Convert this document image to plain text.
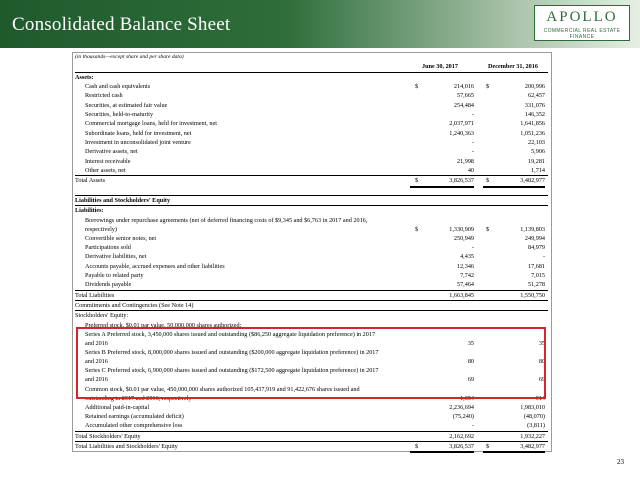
Consolidated Balance Sheet	APOLLO
COMMERCIAL REAL ESTATE FINANCE
(in thousands—except share and per share data)
June 30, 2017	December 31, 2016
Assets:
Cash and cash equivalents	$	214,016 $	200,996
Restricted cash	57,665	62,457
Securities, at estimated fair value	254,484	331,076
Securities, held-to-maturity	-	146,352
Commercial mortgage loans, held for investment, net	2,037,971	1,641,856
Subordinate loans, held for investment, net	1,240,363	1,051,236
Investment in unconsolidated joint venture	-	22,103
Derivative assets, net	-	5,906
Interest receivable	21,998	19,281
Other assets, net	40	1,714
Total Assets	$	3,826,537 $	3,482,977
Liabilities and Stockholders' Equity
Liabilities:
Borrowings under repurchase agreements (net of deferred financing costs of $9,345 and $6,763 in 2017 and 2016, respectively)	$	1,330,909 $	1,139,803
Convertible senior notes, net	250,949	249,994
Participations sold	-	84,979
Derivative liabilities, net	4,435	-
Accounts payable, accrued expenses and other liabilities	12,346	17,681
Payable to related party	7,742	7,015
Dividends payable	57,464	51,278
Total Liabilities	1,663,845	1,550,750
Commitments and Contingencies (See Note 14)
Stockholders' Equity:
Preferred stock, $0.01 par value, 50,000,000 shares authorized:
Series A Preferred stock, 3,450,000 shares issued and outstanding ($86,250 aggregate liquidation preference) in 2017 and 2016	35	35
Series B Preferred stock, 8,000,000 shares issued and outstanding ($200,000 aggregate liquidation preference) in 2017 and 2016	80	80
Series C Preferred stock, 6,900,000 shares issued and outstanding ($172,500 aggregate liquidation preference) in 2017 and 2016	69	69
Common stock, $0.01 par value, 450,000,000 shares authorized 105,437,919 and 91,422,676 shares issued and outstanding in 2017 and 2016, respectively	1,054	914
Additional paid-in-capital	2,236,694	1,983,010
Retained earnings (accumulated deficit)	(75,240)	(48,070)
Accumulated other comprehensive loss	-	(3,811)
Total Stockholders' Equity	2,162,692	1,932,227
Total Liabilities and Stockholders' Equity	$	3,826,537 $	3,482,977
23
